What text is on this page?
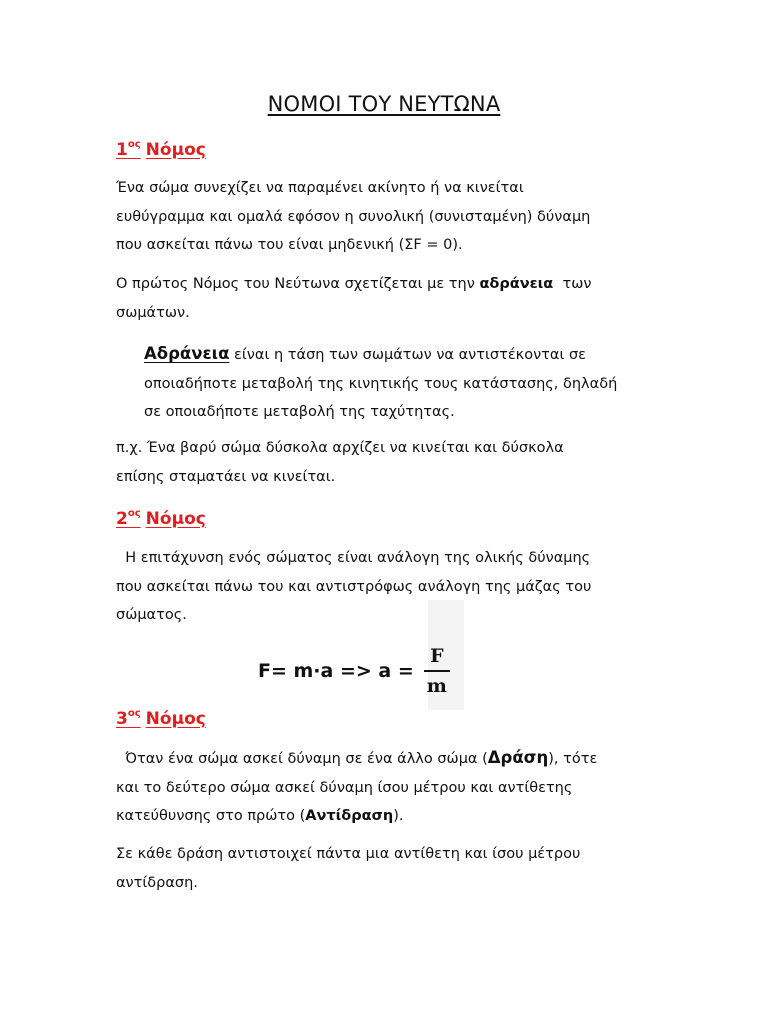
ΝΟΜΟΙ ΤΟΥ ΝΕΥΤΩΝΑ
$1^{o\varsigma}$ Νόμος
Ένα σώμα συνεχίζει να παραμένει ακίνητο ή να κινείται
ευθύγραμμα και ομαλά εφόσον η συνολική (συνισταμένη) δύναμη
που ασκείται πάνω του είναι μηδενική (ΣF = 0).
Ο πρώτος Νόμος του Νεύτωνα σχετίζεται με την αδράνεια  των
σωμάτων.
Αδράνεια είναι η τάση των σωμάτων να αντιστέκονται σε
οποιαδήποτε μεταβολή της κινητικής τους κατάστασης, δηλαδή
σε οποιαδήποτε μεταβολή της ταχύτητας.
π.χ. Ένα βαρύ σώμα δύσκολα αρχίζει να κινείται και δύσκολα
επίσης σταματάει να κινείται.
$2^{o\varsigma}$ Νόμος
Η επιτάχυνση ενός σώματος είναι ανάλογη της ολικής δύναμης
που ασκείται πάνω του και αντιστρόφως ανάλογη της μάζας του
σώματος.
$F= m\cdot a => a = \frac{F}{m}$
$3^{o\varsigma}$ Νόμος
Όταν ένα σώμα ασκεί δύναμη σε ένα άλλο σώμα (Δράση), τότε
και το δεύτερο σώμα ασκεί δύναμη ίσου μέτρου και αντίθετης
κατεύθυνσης στο πρώτο (Αντίδραση).
Σε κάθε δράση αντιστοιχεί πάντα μια αντίθετη και ίσου μέτρου
αντίδραση.
